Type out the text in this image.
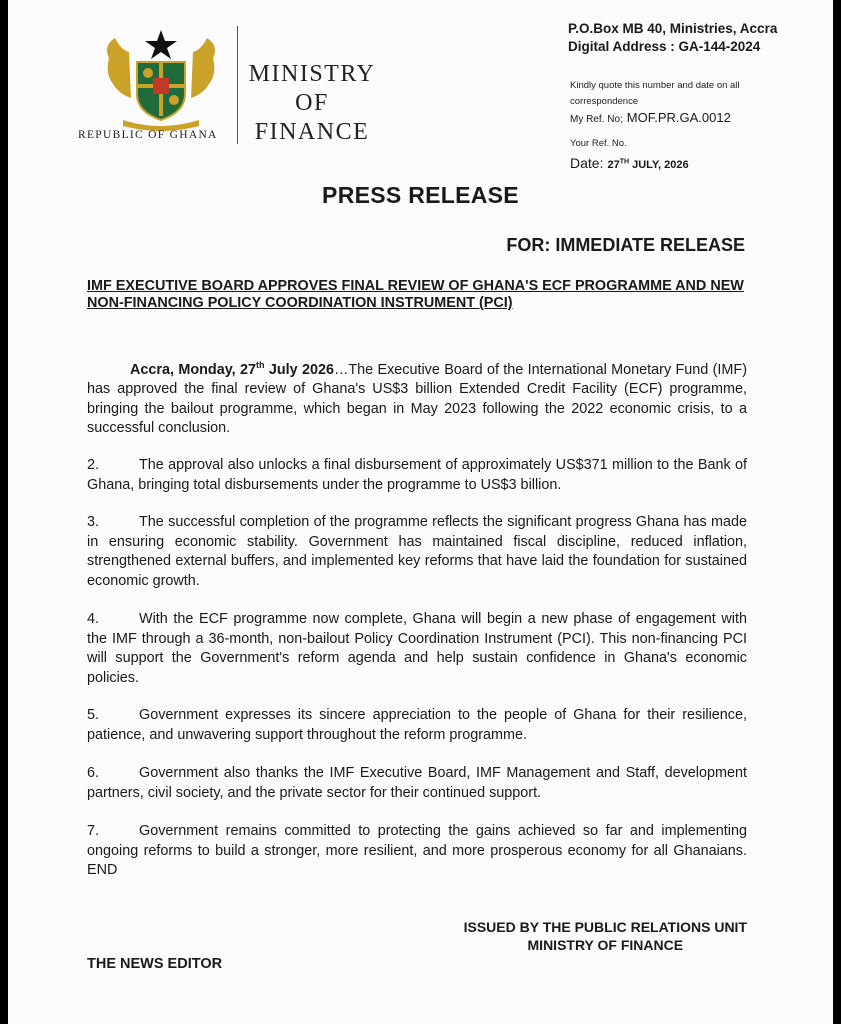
REPUBLIC OF GHANA
MINISTRY
OF
FINANCE
P.O.Box MB 40, Ministries, Accra
Digital Address : GA-144-2024
Kindly quote this number and date on all
correspondence
My Ref. No; MOF.PR.GA.0012
Your Ref. No.
Date: 27TH JULY, 2026
PRESS RELEASE
FOR: IMMEDIATE RELEASE
IMF EXECUTIVE BOARD APPROVES FINAL REVIEW OF GHANA'S ECF PROGRAMME AND NEW NON-FINANCING POLICY COORDINATION INSTRUMENT (PCI)
Accra, Monday, 27th July 2026…The Executive Board of the International Monetary Fund (IMF) has approved the final review of Ghana's US$3 billion Extended Credit Facility (ECF) programme, bringing the bailout programme, which began in May 2023 following the 2022 economic crisis, to a successful conclusion.
2.	The approval also unlocks a final disbursement of approximately US$371 million to the Bank of Ghana, bringing total disbursements under the programme to US$3 billion.
3.	The successful completion of the programme reflects the significant progress Ghana has made in ensuring economic stability. Government has maintained fiscal discipline, reduced inflation, strengthened external buffers, and implemented key reforms that have laid the foundation for sustained economic growth.
4.	With the ECF programme now complete, Ghana will begin a new phase of engagement with the IMF through a 36-month, non-bailout Policy Coordination Instrument (PCI). This non-financing PCI will support the Government's reform agenda and help sustain confidence in Ghana's economic policies.
5.	Government expresses its sincere appreciation to the people of Ghana for their resilience, patience, and unwavering support throughout the reform programme.
6.	Government also thanks the IMF Executive Board, IMF Management and Staff, development partners, civil society, and the private sector for their continued support.
7.	Government remains committed to protecting the gains achieved so far and implementing ongoing reforms to build a stronger, more resilient, and more prosperous economy for all Ghanaians. END
ISSUED BY THE PUBLIC RELATIONS UNIT
MINISTRY OF FINANCE
THE NEWS EDITOR
